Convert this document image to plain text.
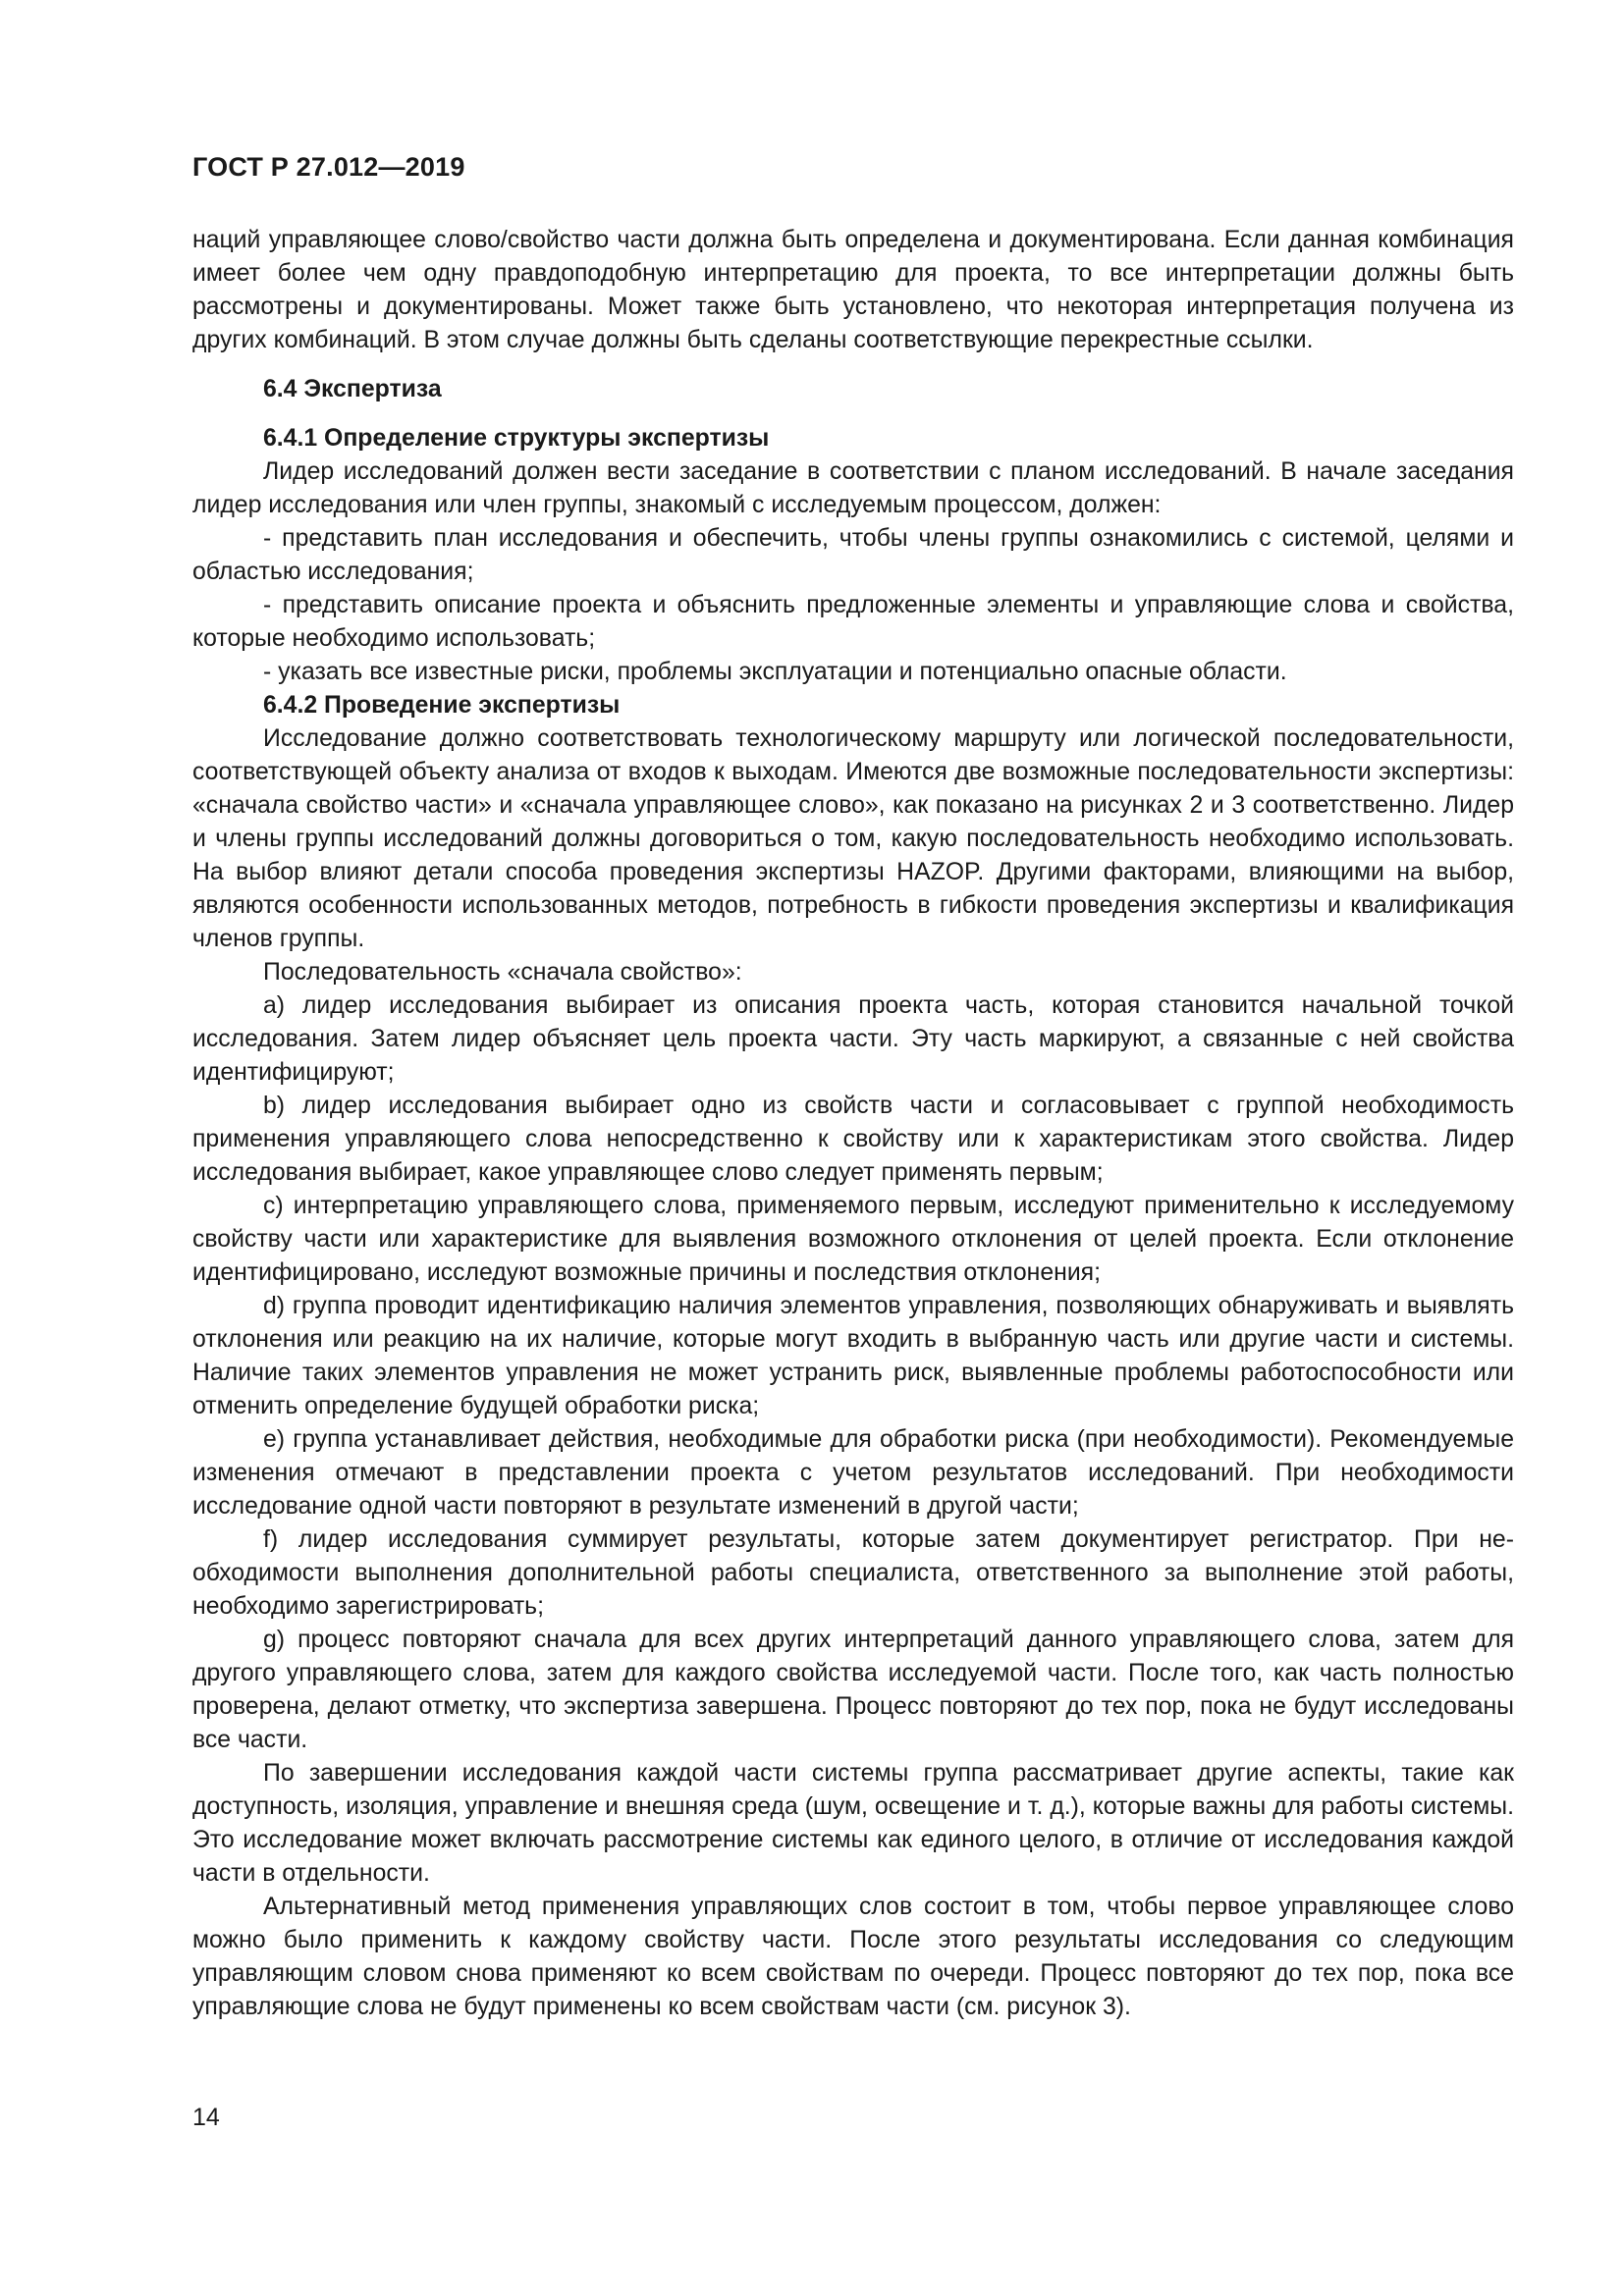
ГОСТ Р 27.012—2019

наций управляющее слово/свойство части должна быть определена и документирована. Если данная комбинация имеет более чем одну правдоподобную интерпретацию для проекта, то все интерпретации должны быть рассмотрены и документированы. Может также быть установлено, что некоторая интерпретация получена из других комбинаций. В этом случае должны быть сделаны соответствующие перекрестные ссылки.

6.4 Экспертиза

6.4.1 Определение структуры экспертизы

Лидер исследований должен вести заседание в соответствии с планом исследований. В начале заседания лидер исследования или член группы, знакомый с исследуемым процессом, должен:

- представить план исследования и обеспечить, чтобы члены группы ознакомились с системой, целями и областью исследования;

- представить описание проекта и объяснить предложенные элементы и управляющие слова и свойства, которые необходимо использовать;

- указать все известные риски, проблемы эксплуатации и потенциально опасные области.

6.4.2 Проведение экспертизы

Исследование должно соответствовать технологическому маршруту или логической последовательности, соответствующей объекту анализа от входов к выходам. Имеются две возможные последовательности экспертизы: «сначала свойство части» и «сначала управляющее слово», как показано на рисунках 2 и 3 соответственно. Лидер и члены группы исследований должны договориться о том, какую последовательность необходимо использовать. На выбор влияют детали способа проведения экспертизы HAZOP. Другими факторами, влияющими на выбор, являются особенности использованных методов, потребность в гибкости проведения экспертизы и квалификация членов группы.

Последовательность «сначала свойство»:

a) лидер исследования выбирает из описания проекта часть, которая становится начальной точкой исследования. Затем лидер объясняет цель проекта части. Эту часть маркируют, а связанные с ней свойства идентифицируют;

b) лидер исследования выбирает одно из свойств части и согласовывает с группой необходимость применения управляющего слова непосредственно к свойству или к характеристикам этого свойства. Лидер исследования выбирает, какое управляющее слово следует применять первым;

c) интерпретацию управляющего слова, применяемого первым, исследуют применительно к исследуемому свойству части или характеристике для выявления возможного отклонения от целей проекта. Если отклонение идентифицировано, исследуют возможные причины и последствия отклонения;

d) группа проводит идентификацию наличия элементов управления, позволяющих обнаруживать и выявлять отклонения или реакцию на их наличие, которые могут входить в выбранную часть или другие части и системы. Наличие таких элементов управления не может устранить риск, выявленные проблемы работоспособности или отменить определение будущей обработки риска;

e) группа устанавливает действия, необходимые для обработки риска (при необходимости). Рекомендуемые изменения отмечают в представлении проекта с учетом результатов исследований. При необходимости исследование одной части повторяют в результате изменений в другой части;

f) лидер исследования суммирует результаты, которые затем документирует регистратор. При необходимости выполнения дополнительной работы специалиста, ответственного за выполнение этой работы, необходимо зарегистрировать;

g) процесс повторяют сначала для всех других интерпретаций данного управляющего слова, затем для другого управляющего слова, затем для каждого свойства исследуемой части. После того, как часть полностью проверена, делают отметку, что экспертиза завершена. Процесс повторяют до тех пор, пока не будут исследованы все части.

По завершении исследования каждой части системы группа рассматривает другие аспекты, такие как доступность, изоляция, управление и внешняя среда (шум, освещение и т. д.), которые важны для работы системы. Это исследование может включать рассмотрение системы как единого целого, в отличие от исследования каждой части в отдельности.

Альтернативный метод применения управляющих слов состоит в том, чтобы первое управляющее слово можно было применить к каждому свойству части. После этого результаты исследования со следующим управляющим словом снова применяют ко всем свойствам по очереди. Процесс повторяют до тех пор, пока все управляющие слова не будут применены ко всем свойствам части (см. рисунок 3).

14
